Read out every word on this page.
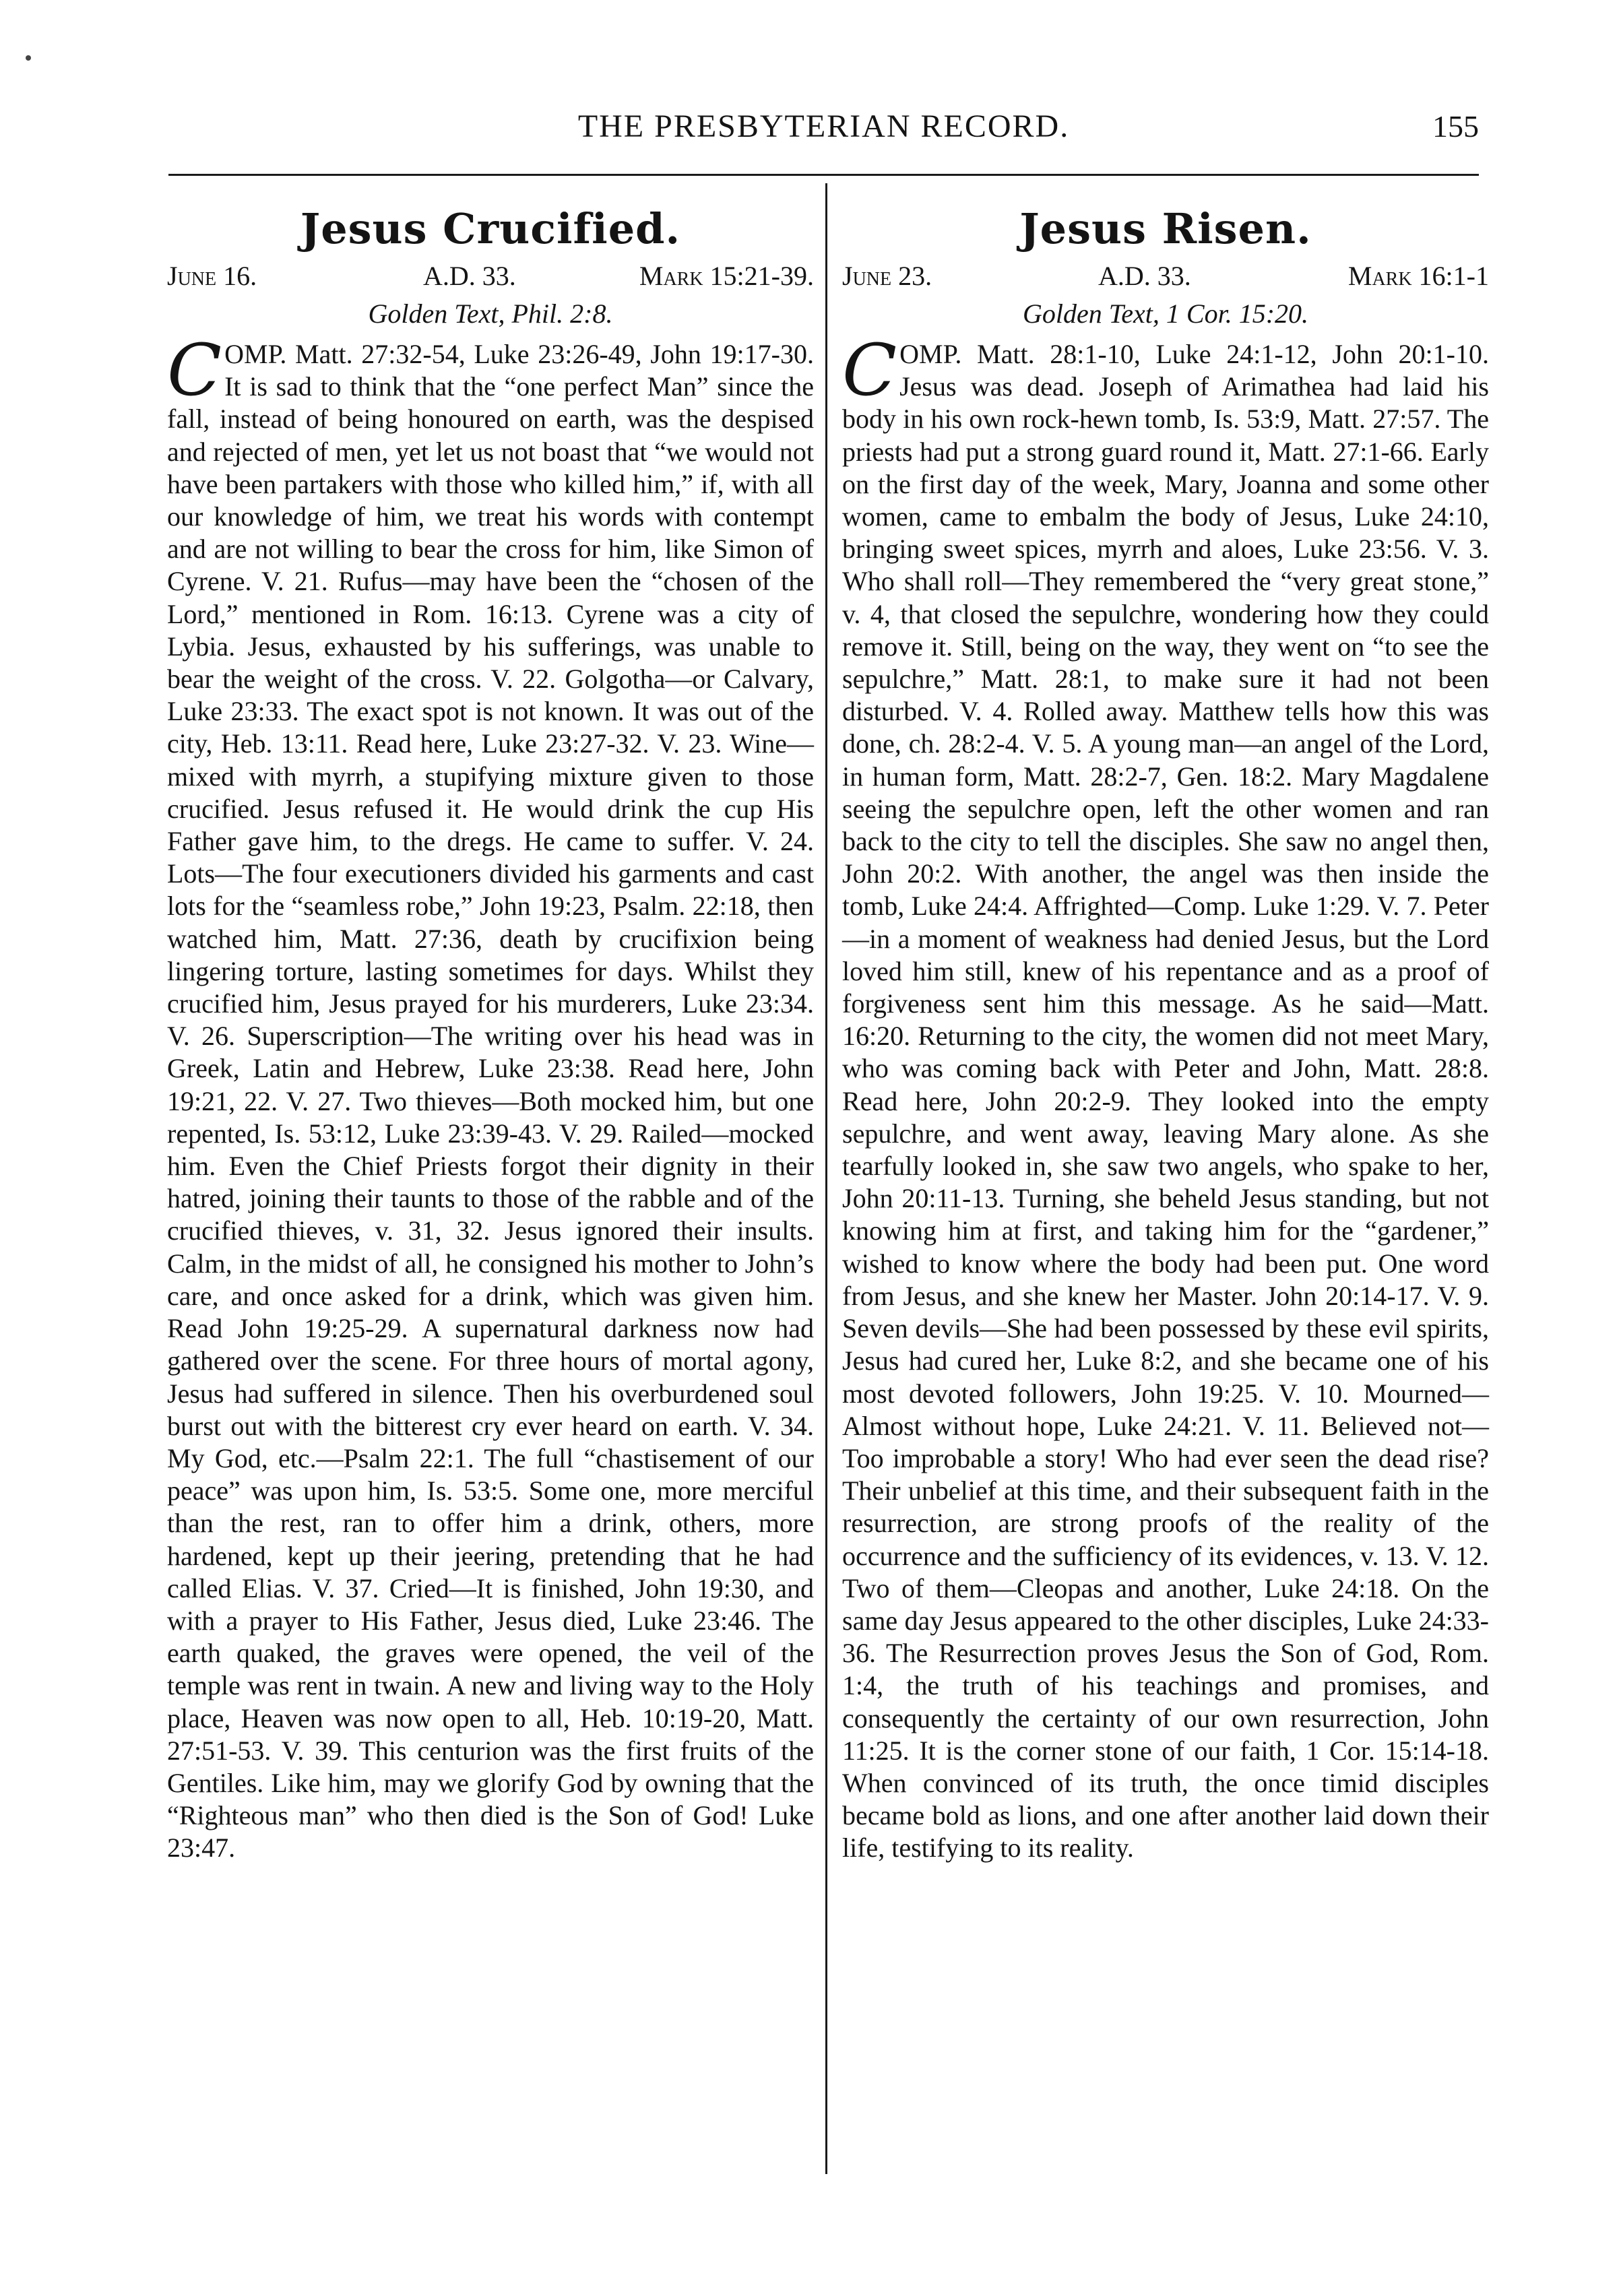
THE PRESBYTERIAN RECORD.	155
Jesus Crucified.
June 16.	A.D. 33.	Mark 15:21-39.
Golden Text, Phil. 2:8.

COMP. Matt. 27:32-54, Luke 23:26-49, John 19:17-30. It is sad to think that the “one perfect Man” since the fall, instead of being honoured on earth, was the despised and rejected of men, yet let us not boast that “we would not have been partakers with those who killed him,” if, with all our knowledge of him, we treat his words with contempt and are not willing to bear the cross for him, like Simon of Cyrene. V. 21. Rufus—may have been the “chosen of the Lord,” mentioned in Rom. 16:13. Cyrene was a city of Lybia. Jesus, exhausted by his sufferings, was unable to bear the weight of the cross. V. 22. Golgotha—or Calvary, Luke 23:33. The exact spot is not known. It was out of the city, Heb. 13:11. Read here, Luke 23:27-32. V. 23. Wine—mixed with myrrh, a stupifying mixture given to those crucified. Jesus refused it. He would drink the cup His Father gave him, to the dregs. He came to suffer. V. 24. Lots—The four executioners divided his garments and cast lots for the “seamless robe,” John 19:23, Psalm. 22:18, then watched him, Matt. 27:36, death by crucifixion being lingering torture, lasting sometimes for days. Whilst they crucified him, Jesus prayed for his murderers, Luke 23:34. V. 26. Superscription—The writing over his head was in Greek, Latin and Hebrew, Luke 23:38. Read here, John 19:21, 22. V. 27. Two thieves—Both mocked him, but one repented, Is. 53:12, Luke 23:39-43. V. 29. Railed—mocked him. Even the Chief Priests forgot their dignity in their hatred, joining their taunts to those of the rabble and of the crucified thieves, v. 31, 32. Jesus ignored their insults. Calm, in the midst of all, he consigned his mother to John’s care, and once asked for a drink, which was given him. Read John 19:25-29. A supernatural darkness now had gathered over the scene. For three hours of mortal agony, Jesus had suffered in silence. Then his overburdened soul burst out with the bitterest cry ever heard on earth. V. 34. My God, etc.—Psalm 22:1. The full “chastisement of our peace” was upon him, Is. 53:5. Some one, more merciful than the rest, ran to offer him a drink, others, more hardened, kept up their jeering, pretending that he had called Elias. V. 37. Cried—It is finished, John 19:30, and with a prayer to His Father, Jesus died, Luke 23:46. The earth quaked, the graves were opened, the veil of the temple was rent in twain. A new and living way to the Holy place, Heaven was now open to all, Heb. 10:19-20, Matt. 27:51-53. V. 39. This centurion was the first fruits of the Gentiles. Like him, may we glorify God by owning that the “Righteous man” who then died is the Son of God! Luke 23:47.

Jesus Risen.
June 23.	A.D. 33.	Mark 16:1-1
Golden Text, 1 Cor. 15:20.

COMP. Matt. 28:1-10, Luke 24:1-12, John 20:1-10. Jesus was dead. Joseph of Arimathea had laid his body in his own rock-hewn tomb, Is. 53:9, Matt. 27:57. The priests had put a strong guard round it, Matt. 27:1-66. Early on the first day of the week, Mary, Joanna and some other women, came to embalm the body of Jesus, Luke 24:10, bringing sweet spices, myrrh and aloes, Luke 23:56. V. 3. Who shall roll—They remembered the “very great stone,” v. 4, that closed the sepulchre, wondering how they could remove it. Still, being on the way, they went on “to see the sepulchre,” Matt. 28:1, to make sure it had not been disturbed. V. 4. Rolled away. Matthew tells how this was done, ch. 28:2-4. V. 5. A young man—an angel of the Lord, in human form, Matt. 28:2-7, Gen. 18:2. Mary Magdalene seeing the sepulchre open, left the other women and ran back to the city to tell the disciples. She saw no angel then, John 20:2. With another, the angel was then inside the tomb, Luke 24:4. Affrighted—Comp. Luke 1:29. V. 7. Peter—in a moment of weakness had denied Jesus, but the Lord loved him still, knew of his repentance and as a proof of forgiveness sent him this message. As he said—Matt. 16:20. Returning to the city, the women did not meet Mary, who was coming back with Peter and John, Matt. 28:8. Read here, John 20:2-9. They looked into the empty sepulchre, and went away, leaving Mary alone. As she tearfully looked in, she saw two angels, who spake to her, John 20:11-13. Turning, she beheld Jesus standing, but not knowing him at first, and taking him for the “gardener,” wished to know where the body had been put. One word from Jesus, and she knew her Master. John 20:14-17. V. 9. Seven devils—She had been possessed by these evil spirits, Jesus had cured her, Luke 8:2, and she became one of his most devoted followers, John 19:25. V. 10. Mourned—Almost without hope, Luke 24:21. V. 11. Believed not—Too improbable a story! Who had ever seen the dead rise? Their unbelief at this time, and their subsequent faith in the resurrection, are strong proofs of the reality of the occurrence and the sufficiency of its evidences, v. 13. V. 12. Two of them—Cleopas and another, Luke 24:18. On the same day Jesus appeared to the other disciples, Luke 24:33-36. The Resurrection proves Jesus the Son of God, Rom. 1:4, the truth of his teachings and promises, and consequently the certainty of our own resurrection, John 11:25. It is the corner stone of our faith, 1 Cor. 15:14-18. When convinced of its truth, the once timid disciples became bold as lions, and one after another laid down their life, testifying to its reality.
